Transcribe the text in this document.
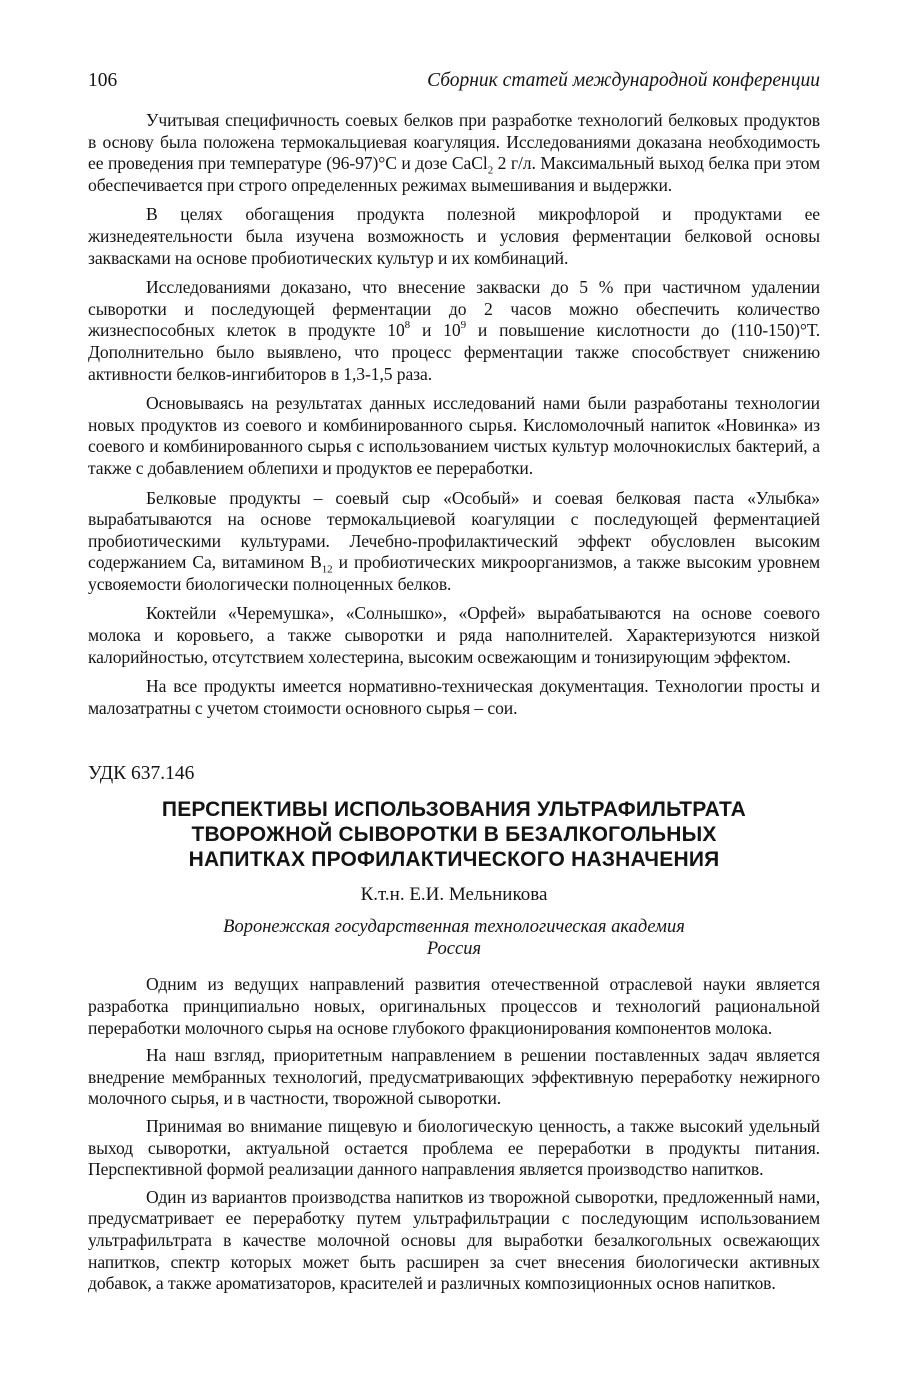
106	Сборник статей международной конференции

Учитывая специфичность соевых белков при разработке технологий белковых продуктов в основу была положена термокальциевая коагуляция. Исследованиями доказана необходимость ее проведения при температуре (96-97)°С и дозе CaCl$_2$ 2 г/л. Максимальный выход белка при этом обеспечивается при строго определенных режимах вымешивания и выдержки.

В целях обогащения продукта полезной микрофлорой и продуктами ее жизнедеятельности была изучена возможность и условия ферментации белковой основы заквасками на основе пробиотических культур и их комбинаций.

Исследованиями доказано, что внесение закваски до 5 % при частичном удалении сыворотки и последующей ферментации до 2 часов можно обеспечить количество жизнеспособных клеток в продукте $10^8$ и $10^9$ и повышение кислотности до (110-150)°Т. Дополнительно было выявлено, что процесс ферментации также способствует снижению активности белков-ингибиторов в 1,3-1,5 раза.

Основываясь на результатах данных исследований нами были разработаны технологии новых продуктов из соевого и комбинированного сырья. Кисломолочный напиток «Новинка» из соевого и комбинированного сырья с использованием чистых культур молочнокислых бактерий, а также с добавлением облепихи и продуктов ее переработки.

Белковые продукты – соевый сыр «Особый» и соевая белковая паста «Улыбка» вырабатываются на основе термокальциевой коагуляции с последующей ферментацией пробиотическими культурами. Лечебно-профилактический эффект обусловлен высоким содержанием Са, витамином $В_{12}$ и пробиотических микроорганизмов, а также высоким уровнем усвояемости биологически полноценных белков.

Коктейли «Черемушка», «Солнышко», «Орфей» вырабатываются на основе соевого молока и коровьего, а также сыворотки и ряда наполнителей. Характеризуются низкой калорийностью, отсутствием холестерина, высоким освежающим и тонизирующим эффектом.

На все продукты имеется нормативно-техническая документация. Технологии просты и малозатратны с учетом стоимости основного сырья – сои.

УДК 637.146
ПЕРСПЕКТИВЫ ИСПОЛЬЗОВАНИЯ УЛЬТРАФИЛЬТРАТА
ТВОРОЖНОЙ СЫВОРОТКИ В БЕЗАЛКОГОЛЬНЫХ
НАПИТКАХ ПРОФИЛАКТИЧЕСКОГО НАЗНАЧЕНИЯ
К.т.н. Е.И. Мельникова
Воронежская государственная технологическая академия
Россия

Одним из ведущих направлений развития отечественной отраслевой науки является разработка принципиально новых, оригинальных процессов и технологий рациональной переработки молочного сырья на основе глубокого фракционирования компонентов молока.

На наш взгляд, приоритетным направлением в решении поставленных задач является внедрение мембранных технологий, предусматривающих эффективную переработку нежирного молочного сырья, и в частности, творожной сыворотки.

Принимая во внимание пищевую и биологическую ценность, а также высокий удельный выход сыворотки, актуальной остается проблема ее переработки в продукты питания. Перспективной формой реализации данного направления является производство напитков.

Один из вариантов производства напитков из творожной сыворотки, предложенный нами, предусматривает ее переработку путем ультрафильтрации с последующим использованием ультрафильтрата в качестве молочной основы для выработки безалкогольных освежающих напитков, спектр которых может быть расширен за счет внесения биологически активных добавок, а также ароматизаторов, красителей и различных композиционных основ напитков.
